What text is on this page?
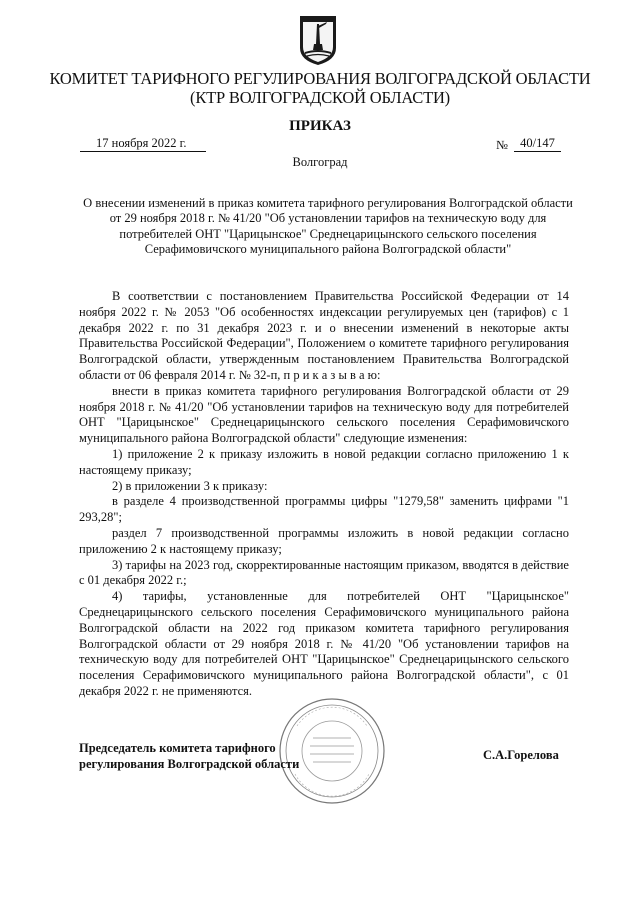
КОМИТЕТ ТАРИФНОГО РЕГУЛИРОВАНИЯ ВОЛГОГРАДСКОЙ ОБЛАСТИ
(КТР ВОЛГОГРАДСКОЙ ОБЛАСТИ)
ПРИКАЗ
17 ноября 2022 г.	№ 40/147
Волгоград
О внесении изменений в приказ комитета тарифного регулирования Волгоградской области от 29 ноября 2018 г. № 41/20 "Об установлении тарифов на техническую воду для потребителей ОНТ "Царицынское" Среднецарицынского сельского поселения Серафимовичского муниципального района Волгоградской области"

В соответствии с постановлением Правительства Российской Федерации от 14 ноября 2022 г. № 2053 "Об особенностях индексации регулируемых цен (тарифов) с 1 декабря 2022 г. по 31 декабря 2023 г. и о внесении изменений в некоторые акты Правительства Российской Федерации", Положением о комитете тарифного регулирования Волгоградской области, утвержденным постановлением Правительства Волгоградской области от 06 февраля 2014 г. № 32-п, п р и к а з ы в а ю:

внести в приказ комитета тарифного регулирования Волгоградской области от 29 ноября 2018 г. № 41/20 "Об установлении тарифов на техническую воду для потребителей ОНТ "Царицынское" Среднецарицынского сельского поселения Серафимовичского муниципального района Волгоградской области" следующие изменения:

1) приложение 2 к приказу изложить в новой редакции согласно приложению 1 к настоящему приказу;

2) в приложении 3 к приказу:

в разделе 4 производственной программы цифры "1279,58" заменить цифрами "1 293,28";

раздел 7 производственной программы изложить в новой редакции согласно приложению 2 к настоящему приказу;

3) тарифы на 2023 год, скорректированные настоящим приказом, вводятся в действие с 01 декабря 2022 г.;

4) тарифы, установленные для потребителей ОНТ "Царицынское" Среднецарицынского сельского поселения Серафимовичского муниципального района Волгоградской области на 2022 год приказом комитета тарифного регулирования Волгоградской области от 29 ноября 2018 г. № 41/20 "Об установлении тарифов на техническую воду для потребителей ОНТ "Царицынское" Среднецарицынского сельского поселения Серафимовичского муниципального района Волгоградской области", с 01 декабря 2022 г. не применяются.

Председатель комитета тарифного
регулирования Волгоградской области
С.А.Горелова
